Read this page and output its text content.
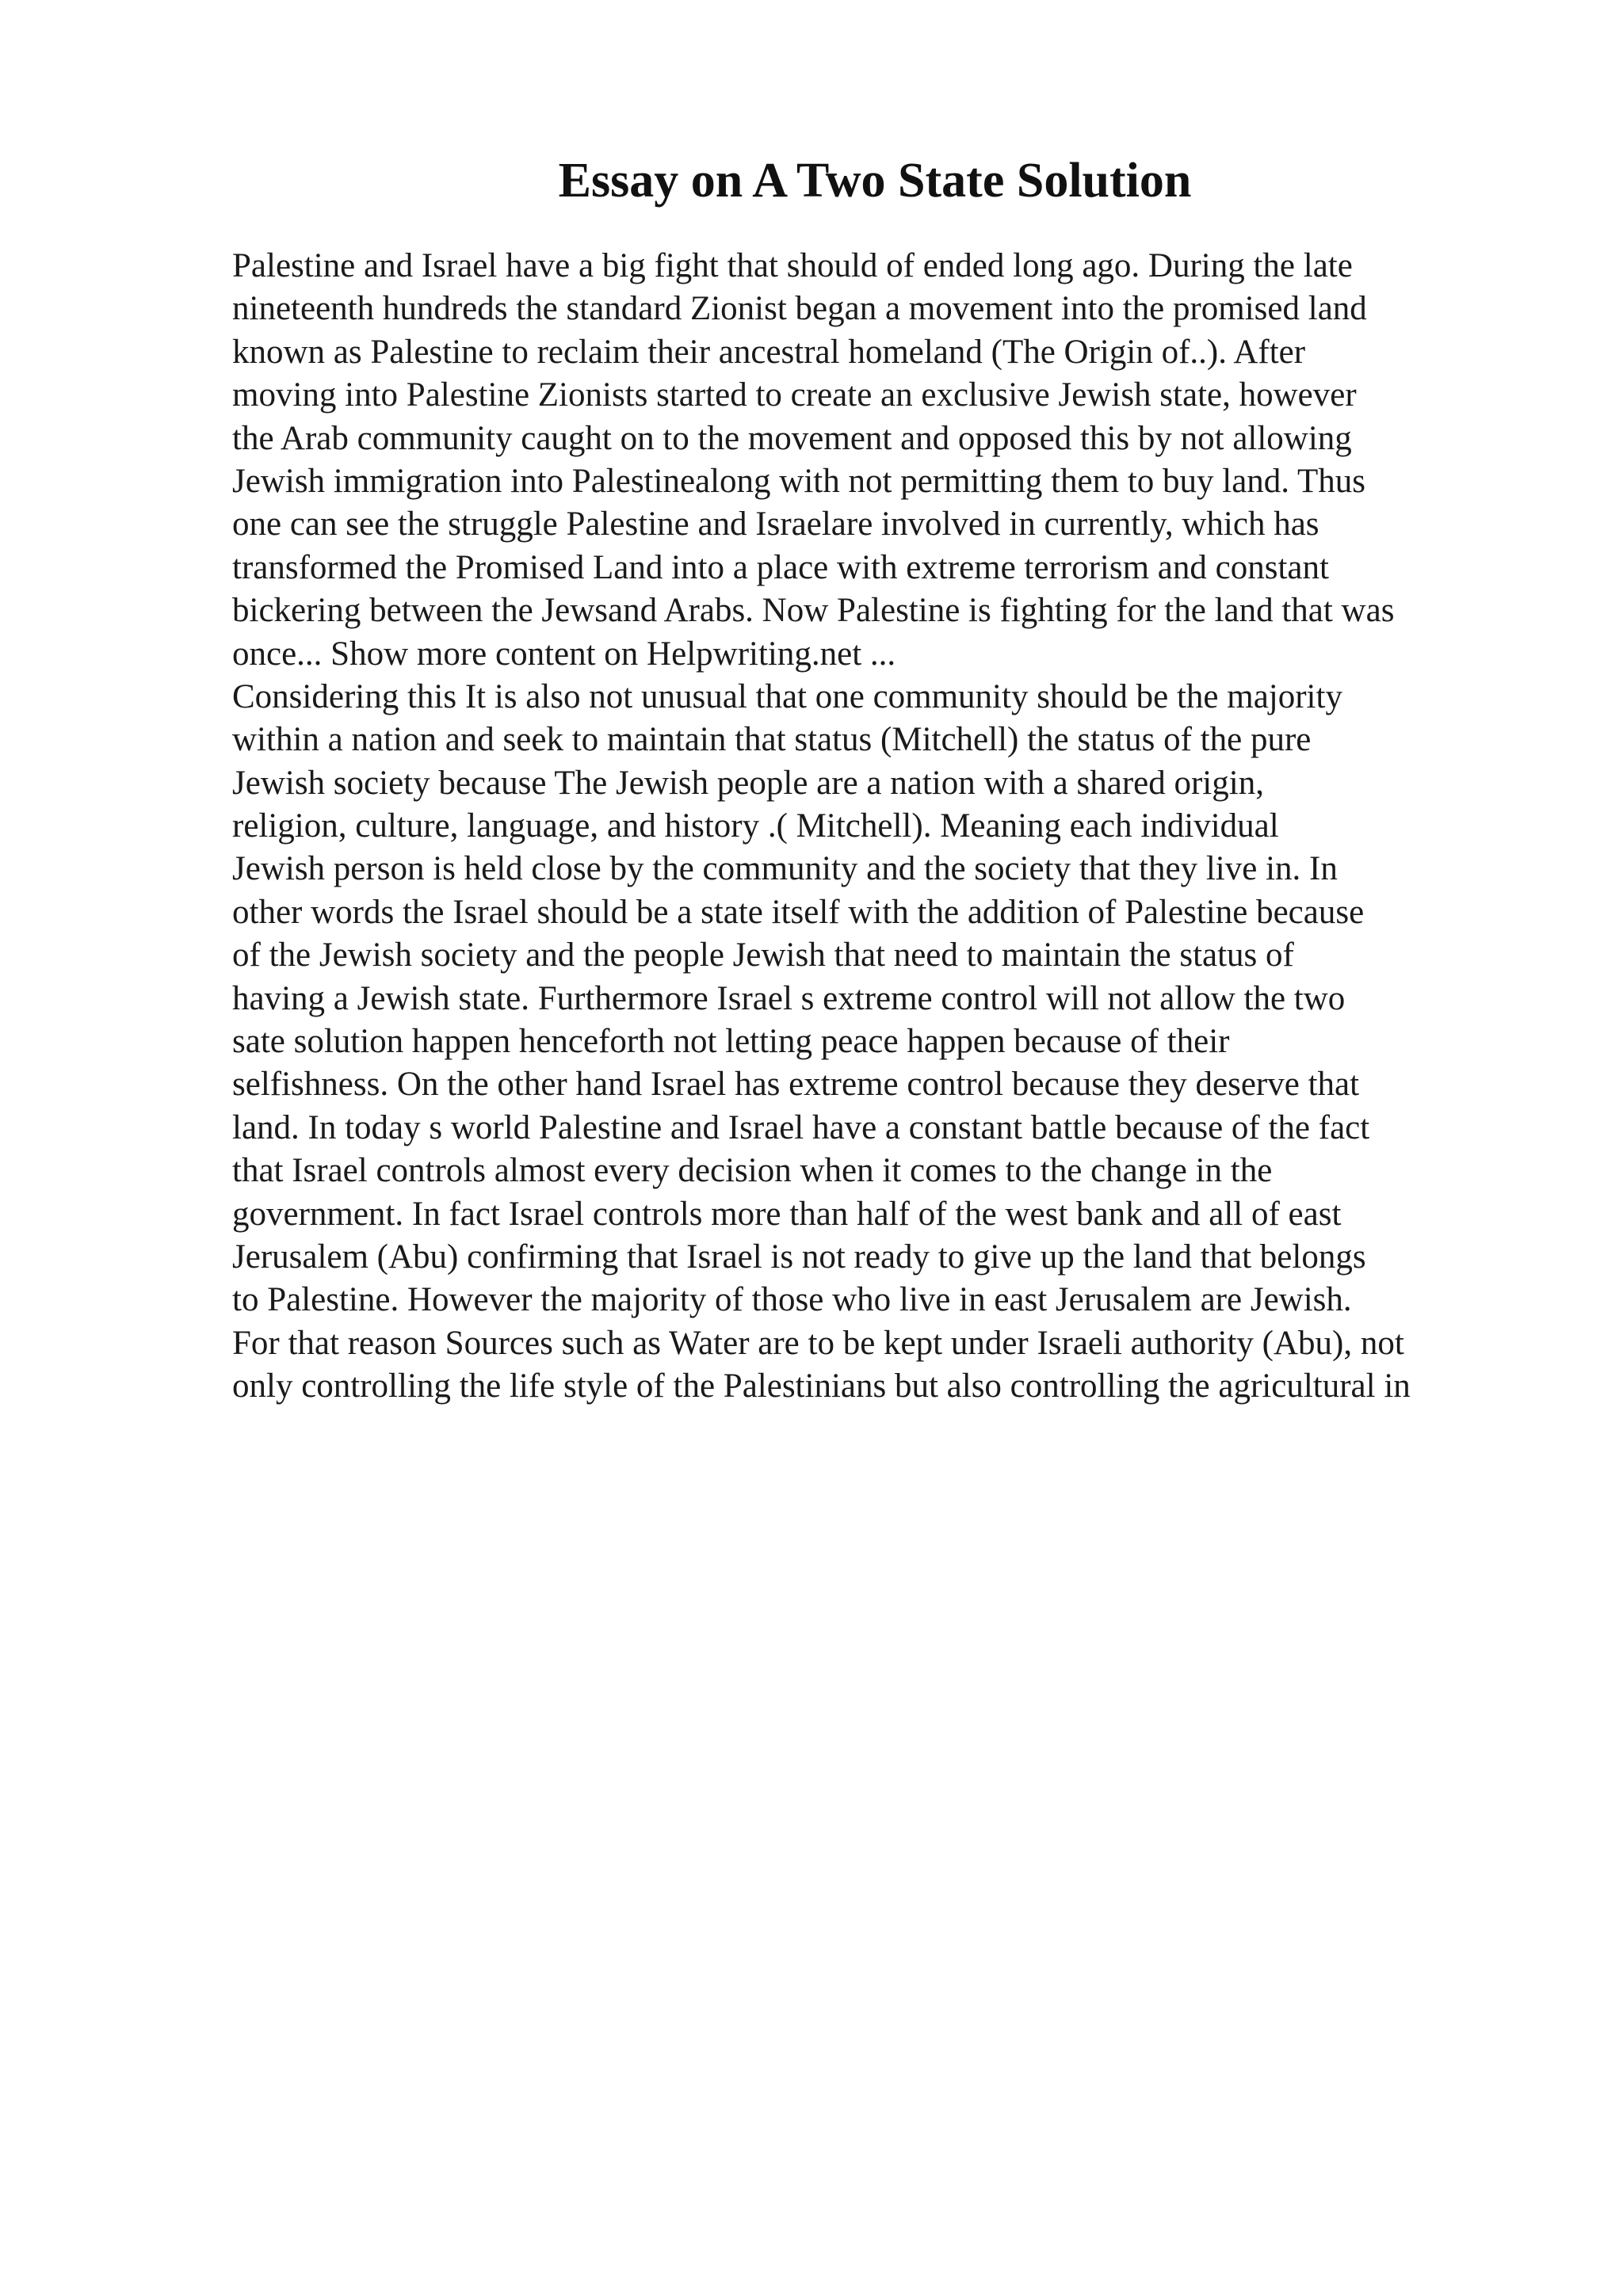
Essay on A Two State Solution
Palestine and Israel have a big fight that should of ended long ago. During the late
nineteenth hundreds the standard Zionist began a movement into the promised land
known as Palestine to reclaim their ancestral homeland (The Origin of..). After
moving into Palestine Zionists started to create an exclusive Jewish state, however
the Arab community caught on to the movement and opposed this by not allowing
Jewish immigration into Palestinealong with not permitting them to buy land. Thus
one can see the struggle Palestine and Israelare involved in currently, which has
transformed the Promised Land into a place with extreme terrorism and constant
bickering between the Jewsand Arabs. Now Palestine is fighting for the land that was
once... Show more content on Helpwriting.net ...
Considering this It is also not unusual that one community should be the majority
within a nation and seek to maintain that status (Mitchell) the status of the pure
Jewish society because The Jewish people are a nation with a shared origin,
religion, culture, language, and history .( Mitchell). Meaning each individual
Jewish person is held close by the community and the society that they live in. In
other words the Israel should be a state itself with the addition of Palestine because
of the Jewish society and the people Jewish that need to maintain the status of
having a Jewish state. Furthermore Israel s extreme control will not allow the two
sate solution happen henceforth not letting peace happen because of their
selfishness. On the other hand Israel has extreme control because they deserve that
land. In today s world Palestine and Israel have a constant battle because of the fact
that Israel controls almost every decision when it comes to the change in the
government. In fact Israel controls more than half of the west bank and all of east
Jerusalem (Abu) confirming that Israel is not ready to give up the land that belongs
to Palestine. However the majority of those who live in east Jerusalem are Jewish.
For that reason Sources such as Water are to be kept under Israeli authority (Abu), not
only controlling the life style of the Palestinians but also controlling the agricultural in
